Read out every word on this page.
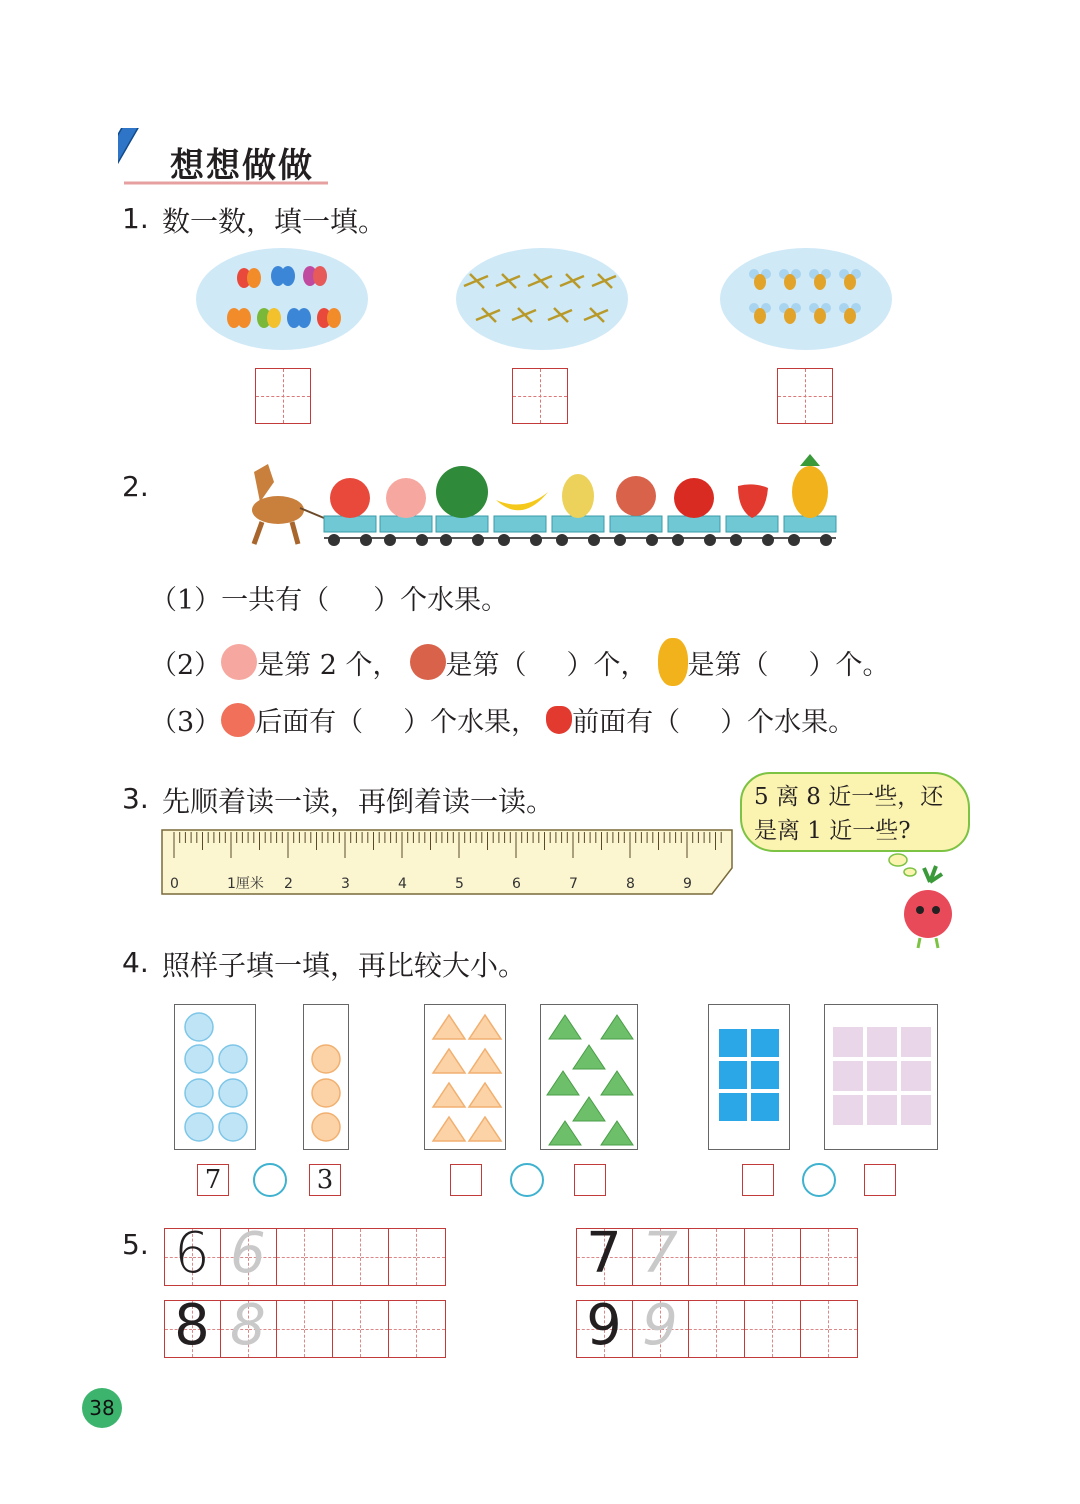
想想做做
1. 数一数，填一填。
2.
（1）一共有（ ）个水果。
（2） 是第 2 个， 是第（ ）个， 是第（ ）个。
（3） 后面有（ ）个水果， 前面有（ ）个水果。
3. 先顺着读一读，再倒着读一读。	5 离 8 近一些，还
是离 1 近一些?
0	1厘米 2	3	4	5	6	7	8	9
4. 照样子填一填，再比较大小。
7	3
5. 6 6	7 7
8 8	9 9
38
